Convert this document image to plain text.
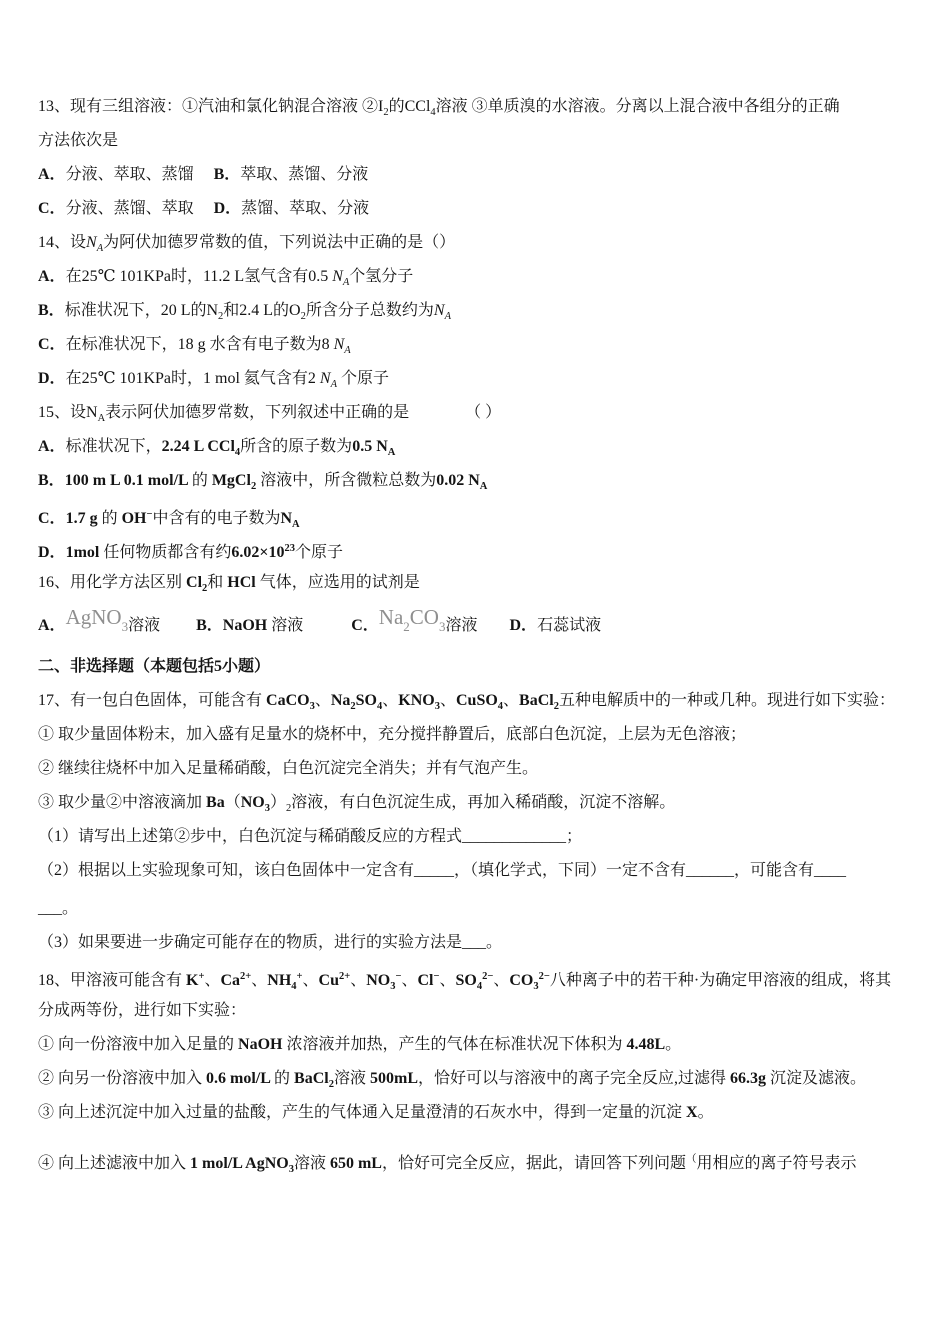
13、现有三组溶液：①汽油和氯化钠混合溶液 $②I_2$的CCl$_4$溶液 ③单质溴的水溶液。分离以上混合液中各组分的正确
方法依次是
A．分液、萃取、蒸馏　 B．萃取、蒸馏、分液
C．分液、蒸馏、萃取　 D．蒸馏、萃取、分液
14、设$N_A$为阿伏加德罗常数的值，下列说法中正确的是（）
A．在25℃ 101KPa时，11.2 L氢气含有0.5 $N_A$个氢分子
B．标准状况下，20 L的$N_2$和2.4 L的$O_2$所含分子总数约为$N_A$
C．在标准状况下，18 g 水含有电子数为8 $N_A$
D．在25℃ 101KPa时，1 mol 氦气含有2 $N_A$ 个原子
15、设$N_A$表示阿伏加德罗常数，下列叙述中正确的是　　　　（ ）
A．标准状况下，2.24 L CCl$_4$所含的原子数为0.5 $N_A$
B．100 m L 0.1 mol/L 的 MgCl$_2$ 溶液中，所含微粒总数为0.02 $N_A$
C．1.7 g 的 OH−中含有的电子数为$N_A$
D．1mol 任何物质都含有约$6.02\times 10^{23}$个原子
16、用化学方法区别 $Cl_2$和 HCl 气体，应选用的试剂是
A．AgNO3溶液　　 B．NaOH 溶液　　　C．Na2CO3溶液　　D．石蕊试液
二、非选择题（本题包括5小题）
17、有一包白色固体，可能含有 CaCO$_3$、$Na_2SO_4$、$KNO_3$、CuSO$_4$、BaCl$_2$五种电解质中的一种或几种。现进行如下实验：
① 取少量固体粉末，加入盛有足量水的烧杯中，充分搅拌静置后，底部白色沉淀，上层为无色溶液；
② 继续往烧杯中加入足量稀硝酸，白色沉淀完全消失；并有气泡产生。
③ 取少量②中溶液滴加 $Ba(NO_3)_2$溶液，有白色沉淀生成，再加入稀硝酸，沉淀不溶解。
（1）请写出上述第②步中，白色沉淀与稀硝酸反应的方程式_____________；
（2）根据以上实验现象可知，该白色固体中一定含有_____，（填化学式，下同）一定不含有______，可能含有____
___。
（3）如果要进一步确定可能存在的物质，进行的实验方法是___。
18、甲溶液可能含有 K+、$Ca^{2+}$、$NH_4^+$、$Cu^{2+}$、$NO_3^-$、Cl−、$SO_4^{2-}$、$CO_3^{2-}$八种离子中的若干种·为确定甲溶液的组成，将其
分成两等份，进行如下实验：
① 向一份溶液中加入足量的 NaOH 浓溶液并加热，产生的气体在标准状况下体积为 4.48L。
② 向另一份溶液中加入 0.6 mol/L 的 BaCl$_2$溶液 500mL，恰好可以与溶液中的离子完全反应,过滤得 66.3g 沉淀及滤液。
③ 向上述沉淀中加入过量的盐酸，产生的气体通入足量澄清的石灰水中，得到一定量的沉淀 X。
④ 向上述滤液中加入 1 mol/L AgNO$_3$溶液 650 mL，恰好可完全反应，据此，请回答下列问题（用相应的离子符号表示
